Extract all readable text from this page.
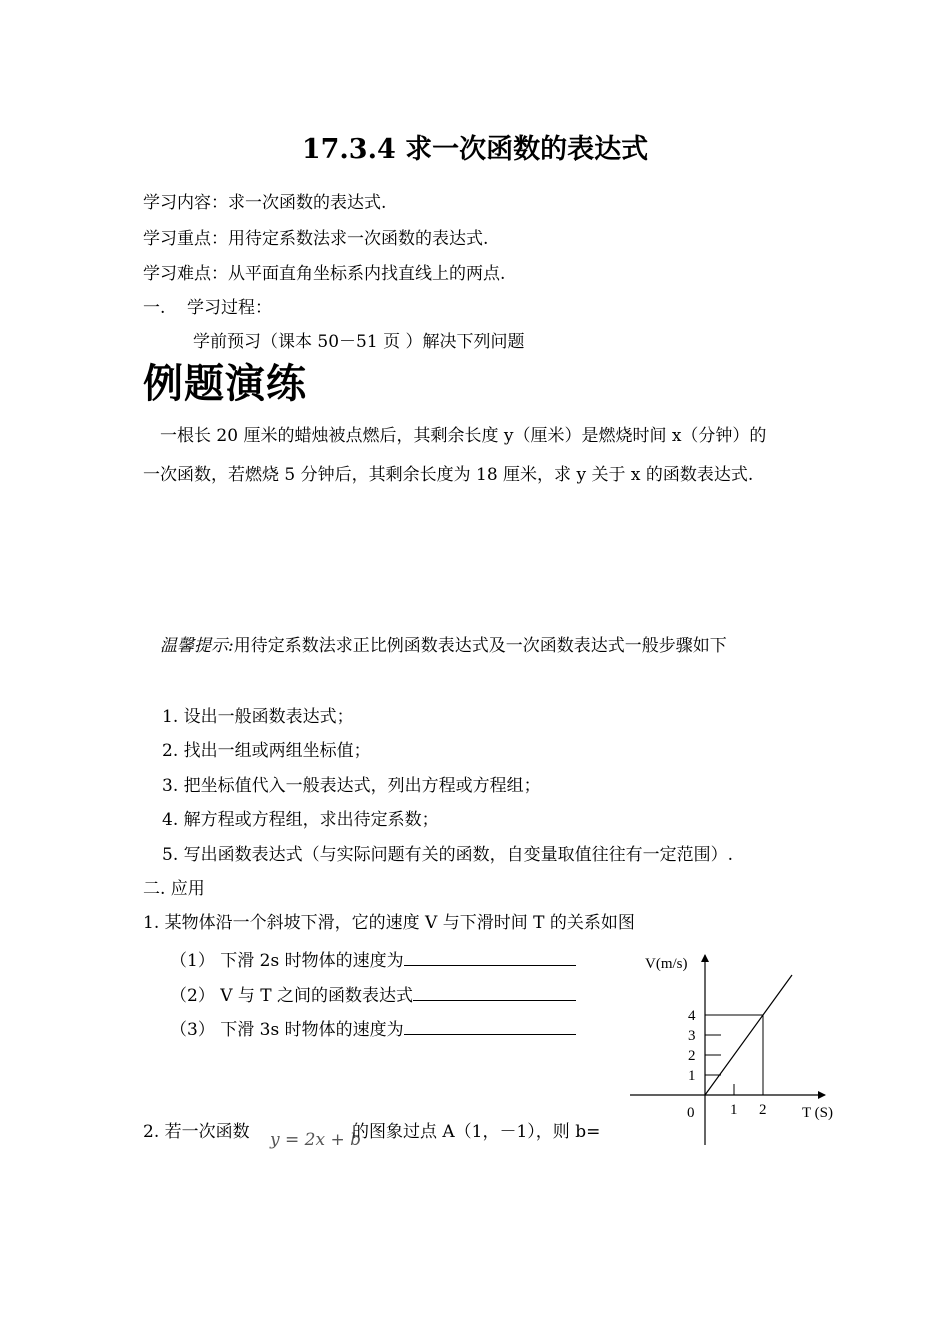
17.3.4 求一次函数的表达式
学习内容：求一次函数的表达式.
学习重点：用待定系数法求一次函数的表达式.
学习难点：从平面直角坐标系内找直线上的两点.
一.    学习过程：
学前预习（课本 50－51 页 ）解决下列问题
例题演练
一根长 20 厘米的蜡烛被点燃后，其剩余长度 y（厘米）是燃烧时间 x（分钟）的
一次函数，若燃烧 5 分钟后，其剩余长度为 18 厘米，求 y 关于 x 的函数表达式.
温馨提示:用待定系数法求正比例函数表达式及一次函数表达式一般步骤如下
1. 设出一般函数表达式；
2. 找出一组或两组坐标值；
3. 把坐标值代入一般表达式，列出方程或方程组；
4. 解方程或方程组，求出待定系数；
5. 写出函数表达式（与实际问题有关的函数，自变量取值往往有一定范围）.
二. 应用
1. 某物体沿一个斜坡下滑，它的速度 V 与下滑时间 T 的关系如图
（1） 下滑 2s 时物体的速度为
（2） V 与 T 之间的函数表达式
（3） 下滑 3s 时物体的速度为
2. 若一次函数 y = 2x + b
的图象过点 A（1，－1），则 b=
V(m/s)
T (S)
0
1
2
3
4
1 2
